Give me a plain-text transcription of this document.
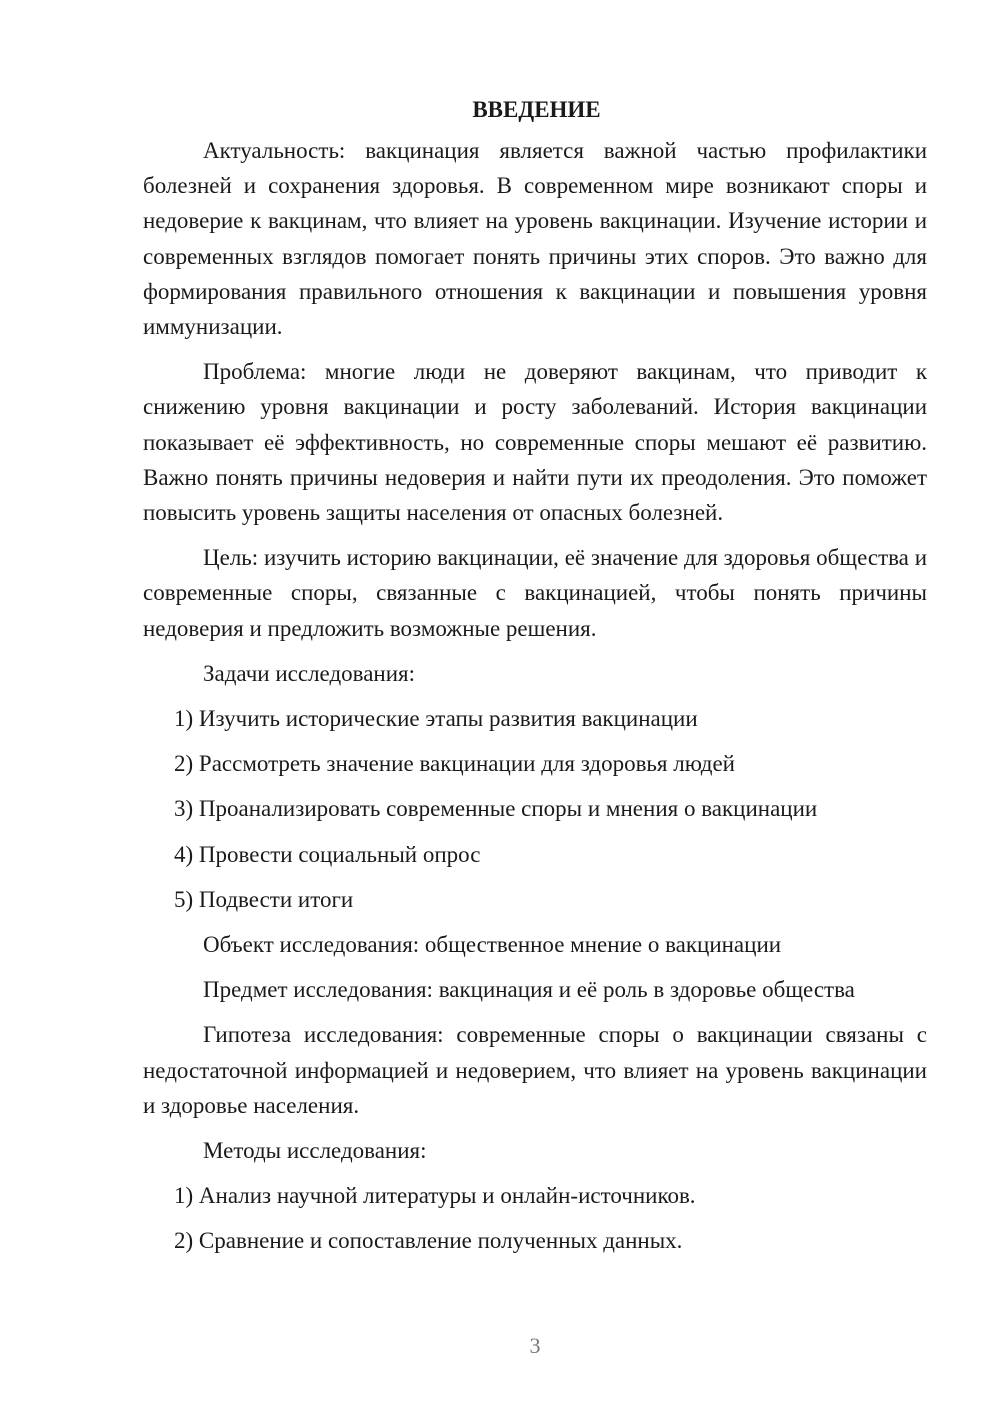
ВВЕДЕНИЕ

Актуальность: вакцинация является важной частью профилактики болезней и сохранения здоровья. В современном мире возникают споры и недоверие к вакцинам, что влияет на уровень вакцинации. Изучение истории и современных взглядов помогает понять причины этих споров. Это важно для формирования правильного отношения к вакцинации и повышения уровня иммунизации.

Проблема: многие люди не доверяют вакцинам, что приводит к снижению уровня вакцинации и росту заболеваний. История вакцинации показывает её эффективность, но современные споры мешают её развитию. Важно понять причины недоверия и найти пути их преодоления. Это поможет повысить уровень защиты населения от опасных болезней.

Цель: изучить историю вакцинации, её значение для здоровья общества и современные споры, связанные с вакцинацией, чтобы понять причины недоверия и предложить возможные решения.

Задачи исследования:
1) Изучить исторические этапы развития вакцинации
2) Рассмотреть значение вакцинации для здоровья людей
3) Проанализировать современные споры и мнения о вакцинации
4) Провести социальный опрос
5) Подвести итоги
Объект исследования: общественное мнение о вакцинации
Предмет исследования: вакцинация и её роль в здоровье общества

Гипотеза исследования: современные споры о вакцинации связаны с недостаточной информацией и недоверием, что влияет на уровень вакцинации и здоровье населения.

Методы исследования:
1) Анализ научной литературы и онлайн-источников.
2) Сравнение и сопоставление полученных данных.
3
